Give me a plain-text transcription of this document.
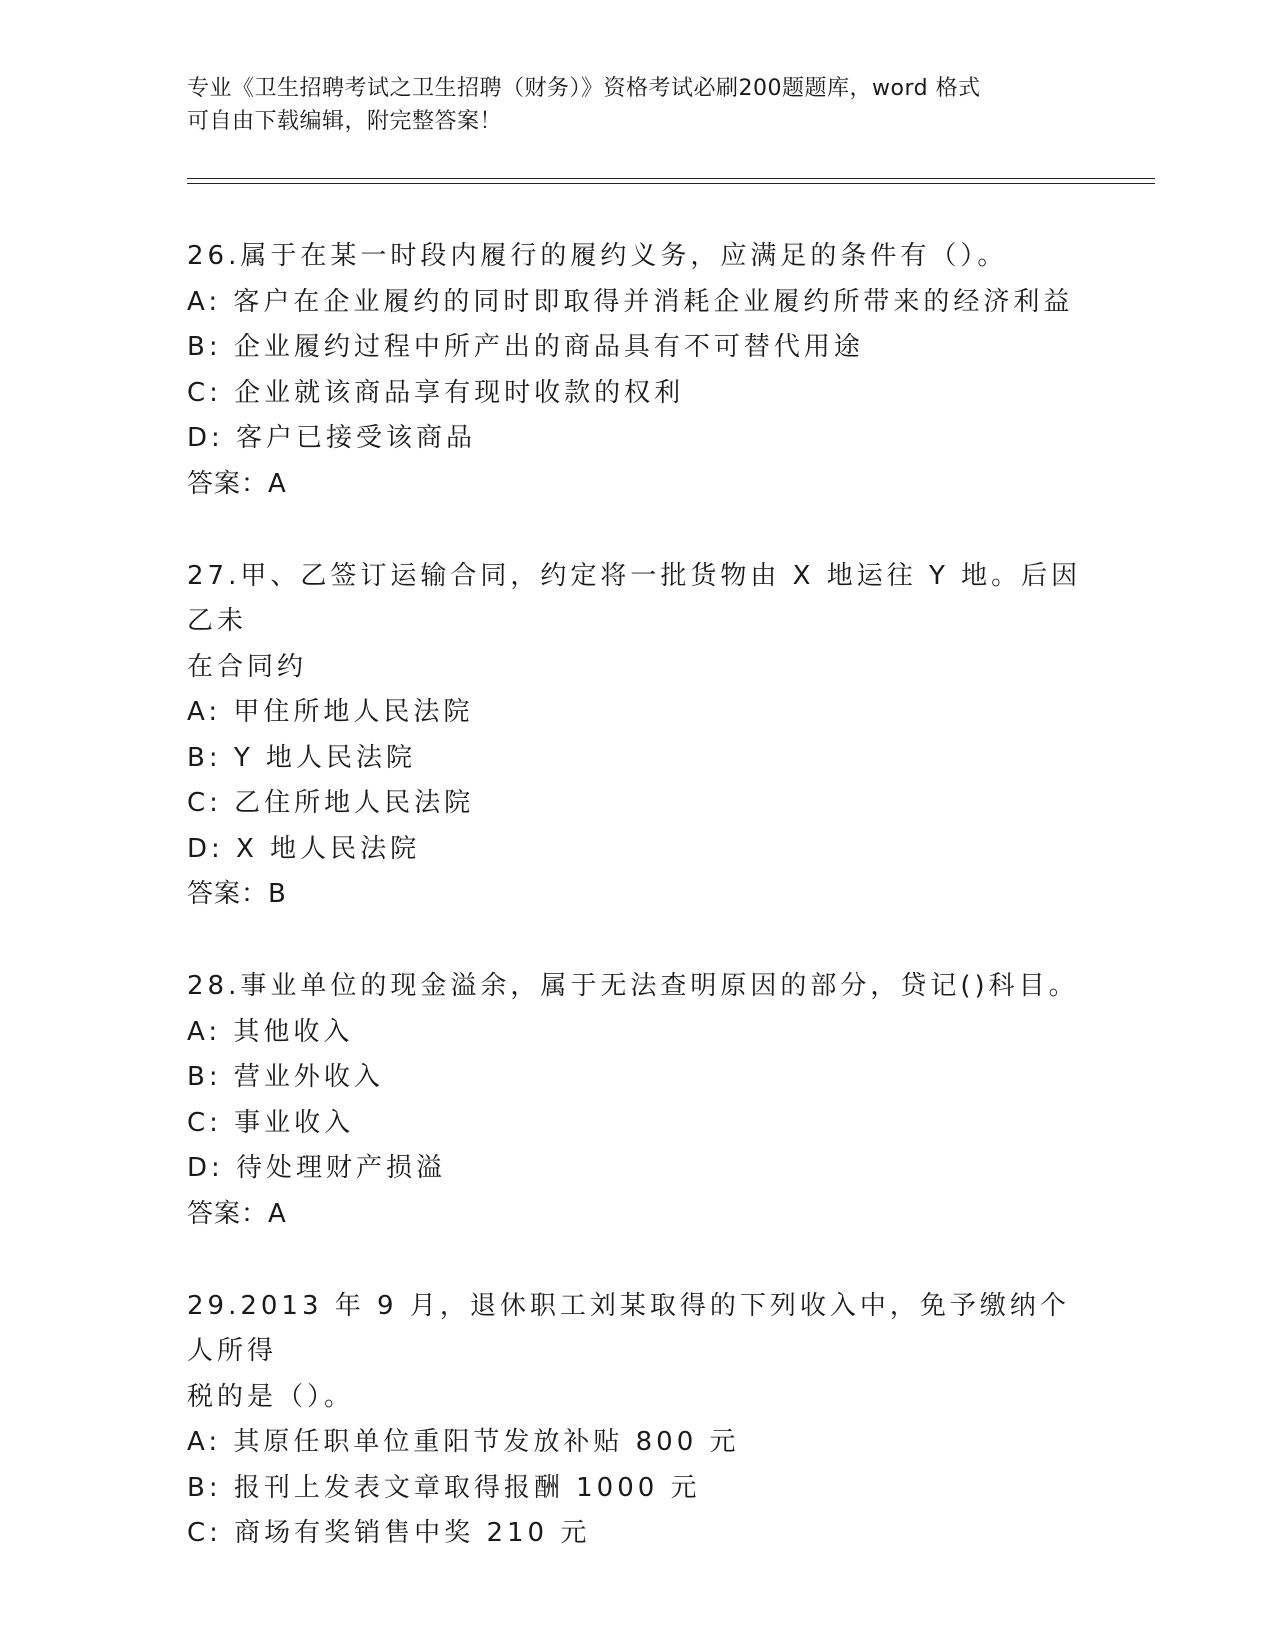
专业《卫生招聘考试之卫生招聘（财务）》资格考试必刷200题题库，word 格式
可自由下载编辑，附完整答案！

26.属于在某一时段内履行的履约义务，应满足的条件有（）。

A: 客户在企业履约的同时即取得并消耗企业履约所带来的经济利益

B: 企业履约过程中所产出的商品具有不可替代用途

C: 企业就该商品享有现时收款的权利

D: 客户已接受该商品

答案：A

27.甲、乙签订运输合同，约定将一批货物由 X 地运往 Y 地。后因乙未

在合同约

A: 甲住所地人民法院

B: Y 地人民法院

C: 乙住所地人民法院

D: X 地人民法院

答案：B

28.事业单位的现金溢余，属于无法查明原因的部分，贷记()科目。

A: 其他收入

B: 营业外收入

C: 事业收入

D: 待处理财产损溢

答案：A

29.2013 年 9 月，退休职工刘某取得的下列收入中，免予缴纳个人所得

税的是（）。

A: 其原任职单位重阳节发放补贴 800 元

B: 报刊上发表文章取得报酬 1000 元

C: 商场有奖销售中奖 210 元
